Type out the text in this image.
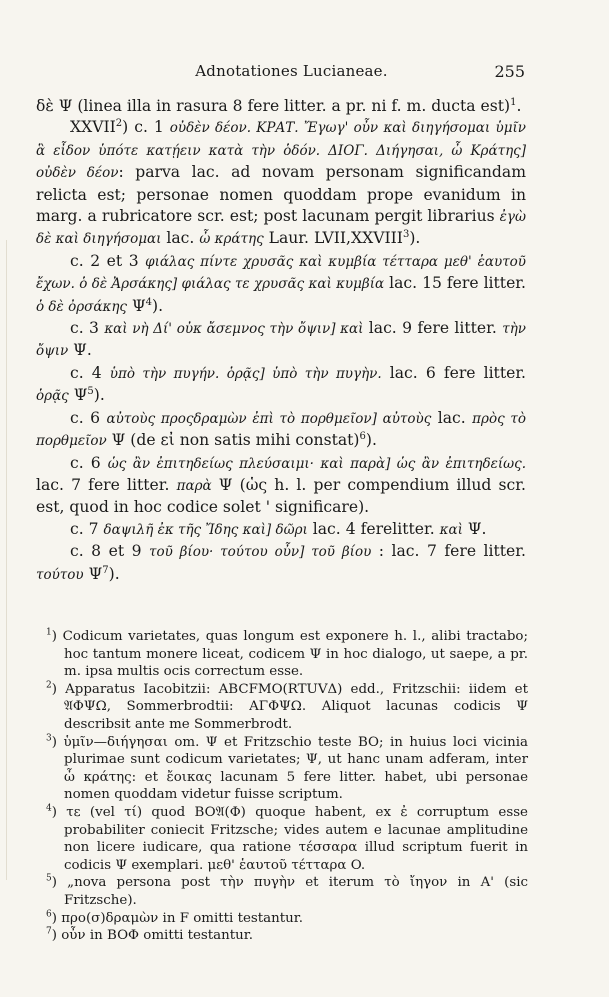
Adnotationes Lucianeae.	255

δὲ Ψ (linea illa in rasura 8 fere litter. a pr. ni f. m. ducta est)$^1$.

XXVII$^2$) c. 1 οὐδὲν δέον. ΚΡΑΤ. Ἔγωγ' οὖν καὶ διηγήσομαι ὑμῖν ἃ εἶδον ὑπότε κατῄειν κατὰ τὴν ὁδόν. ΔΙΟΓ. Διήγησαι, ὦ Κράτης] οὐδὲν δέον: parva lac. ad novam personam significandam relicta est; personae nomen quoddam prope evanidum in marg. a rubricatore scr. est; post lacunam pergit librarius ἐγὼ δὲ καὶ διηγήσομαι lac. ὦ κράτης Laur. LVII,XXVIII$^3$).

c. 2 et 3 φιάλας πίντε χρυσᾶς καὶ κυμβία τέτταρα μεθ' ἑαυτοῦ ἔχων. ὁ δὲ Ἀρσάκης] φιάλας τε χρυσᾶς καὶ κυμβία lac. 15 fere litter. ὁ δὲ ὀρσάκης $\Psi^4$).

c. 3 καὶ νὴ Δί' οὐκ ἄσεμνος τὴν ὄψιν] καὶ lac. 9 fere litter. τὴν ὄψιν Ψ.

c. 4 ὑπὸ τὴν πυγήν. ὁρᾷς] ὑπὸ τὴν πυγὴν. lac. 6 fere litter. ὁρᾷς $\Psi^5$).

c. 6 αὐτοὺς προςδραμὼν ἐπὶ τὸ πορθμεῖον] αὐτοὺς lac. πρὸς τὸ πορθμεῖον Ψ (de εἰ non satis mihi constat)$^6$).

c. 6 ὡς ἂν ἐπιτηδείως πλεύσαιμι· καὶ παρὰ] ὡς ἂν ἐπιτηδείως. lac. 7 fere litter. παρὰ Ψ (ὡς h. l. per compendium illud scr. est, quod in hoc codice solet ' significare).

c. 7 δαψιλῆ ἐκ τῆς Ἴδης καὶ] δῶρι lac. 4 ferelitter. καὶ Ψ.

c. 8 et 9 τοῦ βίου· τούτου οὖν] τοῦ βίου : lac. 7 fere litter. τούτου $\Psi^7$).

$^1$) Codicum varietates, quas longum est exponere h. l., alibi tractabo; hoc tantum monere liceat, codicem Ψ in hoc dialogo, ut saepe, a pr. m. ipsa multis ocis correctum esse.

$^2$) Apparatus Iacobitzii: ABCFMO(RTUVΔ) edd., Fritzschii: iidem et 𝔄ΦΨΩ, Sommerbrodtii: ΑΓΦΨΩ. Aliquot lacunas codicis Ψ describsit ante me Sommerbrodt.

$^3$) ὑμῖν—διήγησαι om. Ψ et Fritzschio teste BO; in huius loci vicinia plurimae sunt codicum varietates; Ψ, ut hanc unam adferam, inter ὦ κράτης: et ἔοικας lacunam 5 fere litter. habet, ubi personae nomen quoddam videtur fuisse scriptum.

$^4$) τε (vel τί) quod BO𝔄(Φ) quoque habent, ex ἐ corruptum esse probabiliter coniecit Fritzsche; vides autem e lacunae amplitudine non licere iudicare, qua ratione τέσσαρα illud scriptum fuerit in codicis Ψ exemplari. μεθ' ἑαυτοῦ τέτταρα O.

$^5$) „nova persona post τὴν πυγὴν et iterum τὸ ἴηγον in A' (sic Fritzsche).

$^6$) προ(σ)δραμὼν in F omitti testantur.

$^7$) οὖν in BOΦ omitti testantur.
